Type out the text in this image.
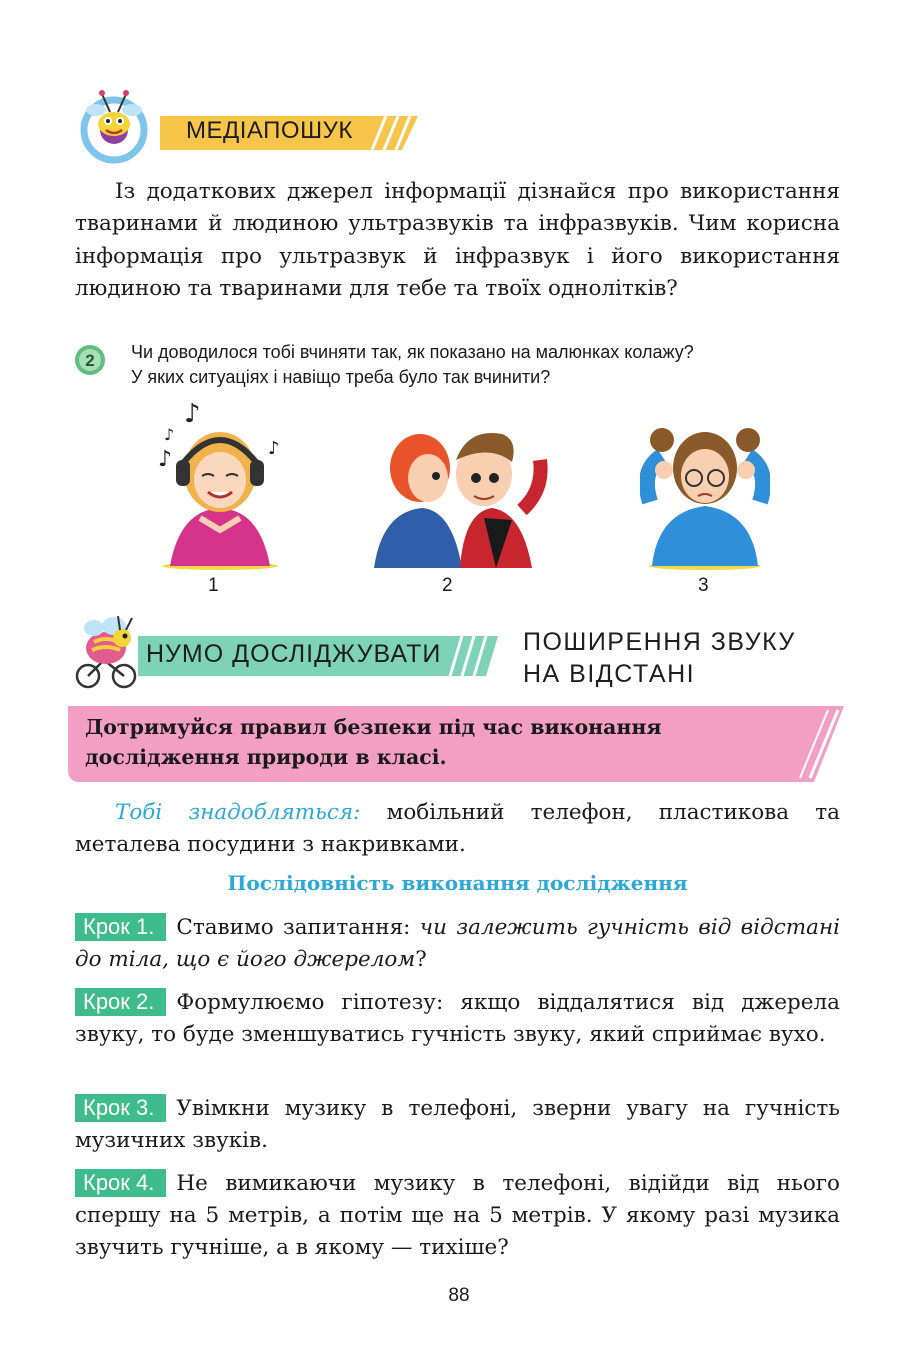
МЕДІАПОШУК
Із додаткових джерел інформації дізнайся про використання тваринами й людиною ультразвуків та інфразвуків. Чим корисна інформація про ультразвук й інфразвук і його використання людиною та тваринами для тебе та твоїх однолітків?
2 Чи доводилося тобі вчиняти так, як показано на малюнках колажу?
У яких ситуаціях і навіщо треба було так вчинити?
♪
♪
♪
♪
1	2	3
НУМО ДОСЛІДЖУВАТИ	ПОШИРЕННЯ ЗВУКУ
НА ВІДСТАНІ
Дотримуйся правил безпеки під час виконання дослідження природи в класі.
Тобі знадобляться: мобільний телефон, пластикова та металева посудини з накривками.
Послідовність виконання дослідження
Крок 1. Ставимо запитання: чи залежить гучність від відстані до тіла, що є його джерелом?
Крок 2. Формулюємо гіпотезу: якщо віддалятися від джерела звуку, то буде зменшуватись гучність звуку, який сприймає вухо.
Крок 3. Увімкни музику в телефоні, зверни увагу на гучність музичних звуків.
Крок 4. Не вимикаючи музику в телефоні, відійди від нього спершу на 5 метрів, а потім ще на 5 метрів. У якому разі музика звучить гучніше, а в якому — тихіше?
88
